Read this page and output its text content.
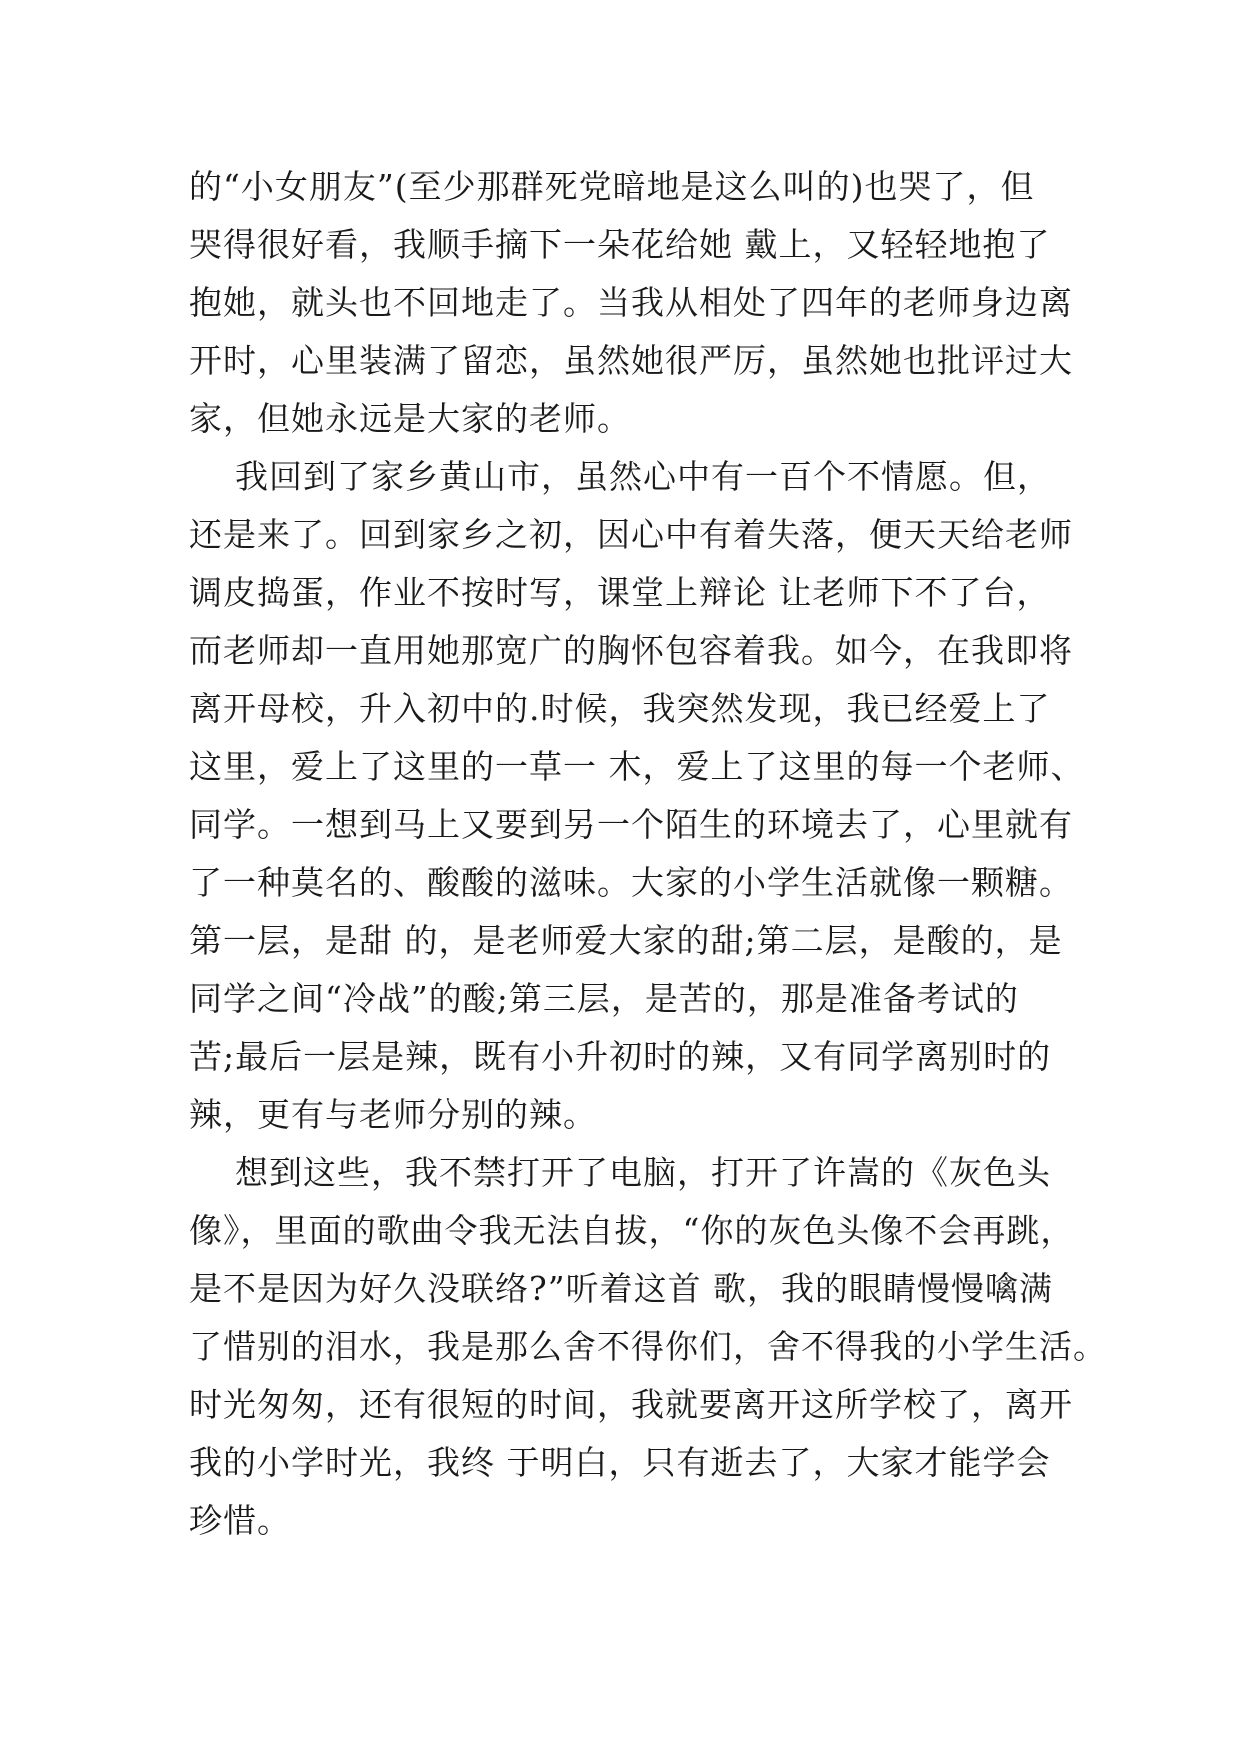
的“小女朋友”(至少那群死党暗地是这么叫的)也哭了，但
哭得很好看，我顺手摘下一朵花给她 戴上，又轻轻地抱了
抱她，就头也不回地走了。当我从相处了四年的老师身边离
开时，心里装满了留恋，虽然她很严厉，虽然她也批评过大
家，但她永远是大家的老师。
我回到了家乡黄山市，虽然心中有一百个不情愿。但，
还是来了。回到家乡之初，因心中有着失落，便天天给老师
调皮捣蛋，作业不按时写，课堂上辩论 让老师下不了台，
而老师却一直用她那宽广的胸怀包容着我。如今，在我即将
离开母校，升入初中的.时候，我突然发现，我已经爱上了
这里，爱上了这里的一草一 木，爱上了这里的每一个老师、
同学。一想到马上又要到另一个陌生的环境去了，心里就有
了一种莫名的、酸酸的滋味。大家的小学生活就像一颗糖。
第一层，是甜 的，是老师爱大家的甜;第二层，是酸的，是
同学之间“冷战”的酸;第三层，是苦的，那是准备考试的
苦;最后一层是辣，既有小升初时的辣，又有同学离别时的
辣，更有与老师分别的辣。
想到这些，我不禁打开了电脑，打开了许嵩的《灰色头
像》，里面的歌曲令我无法自拔，“你的灰色头像不会再跳，
是不是因为好久没联络?”听着这首 歌，我的眼睛慢慢噙满
了惜别的泪水，我是那么舍不得你们，舍不得我的小学生活。
时光匆匆，还有很短的时间，我就要离开这所学校了，离开
我的小学时光，我终 于明白，只有逝去了，大家才能学会
珍惜。
